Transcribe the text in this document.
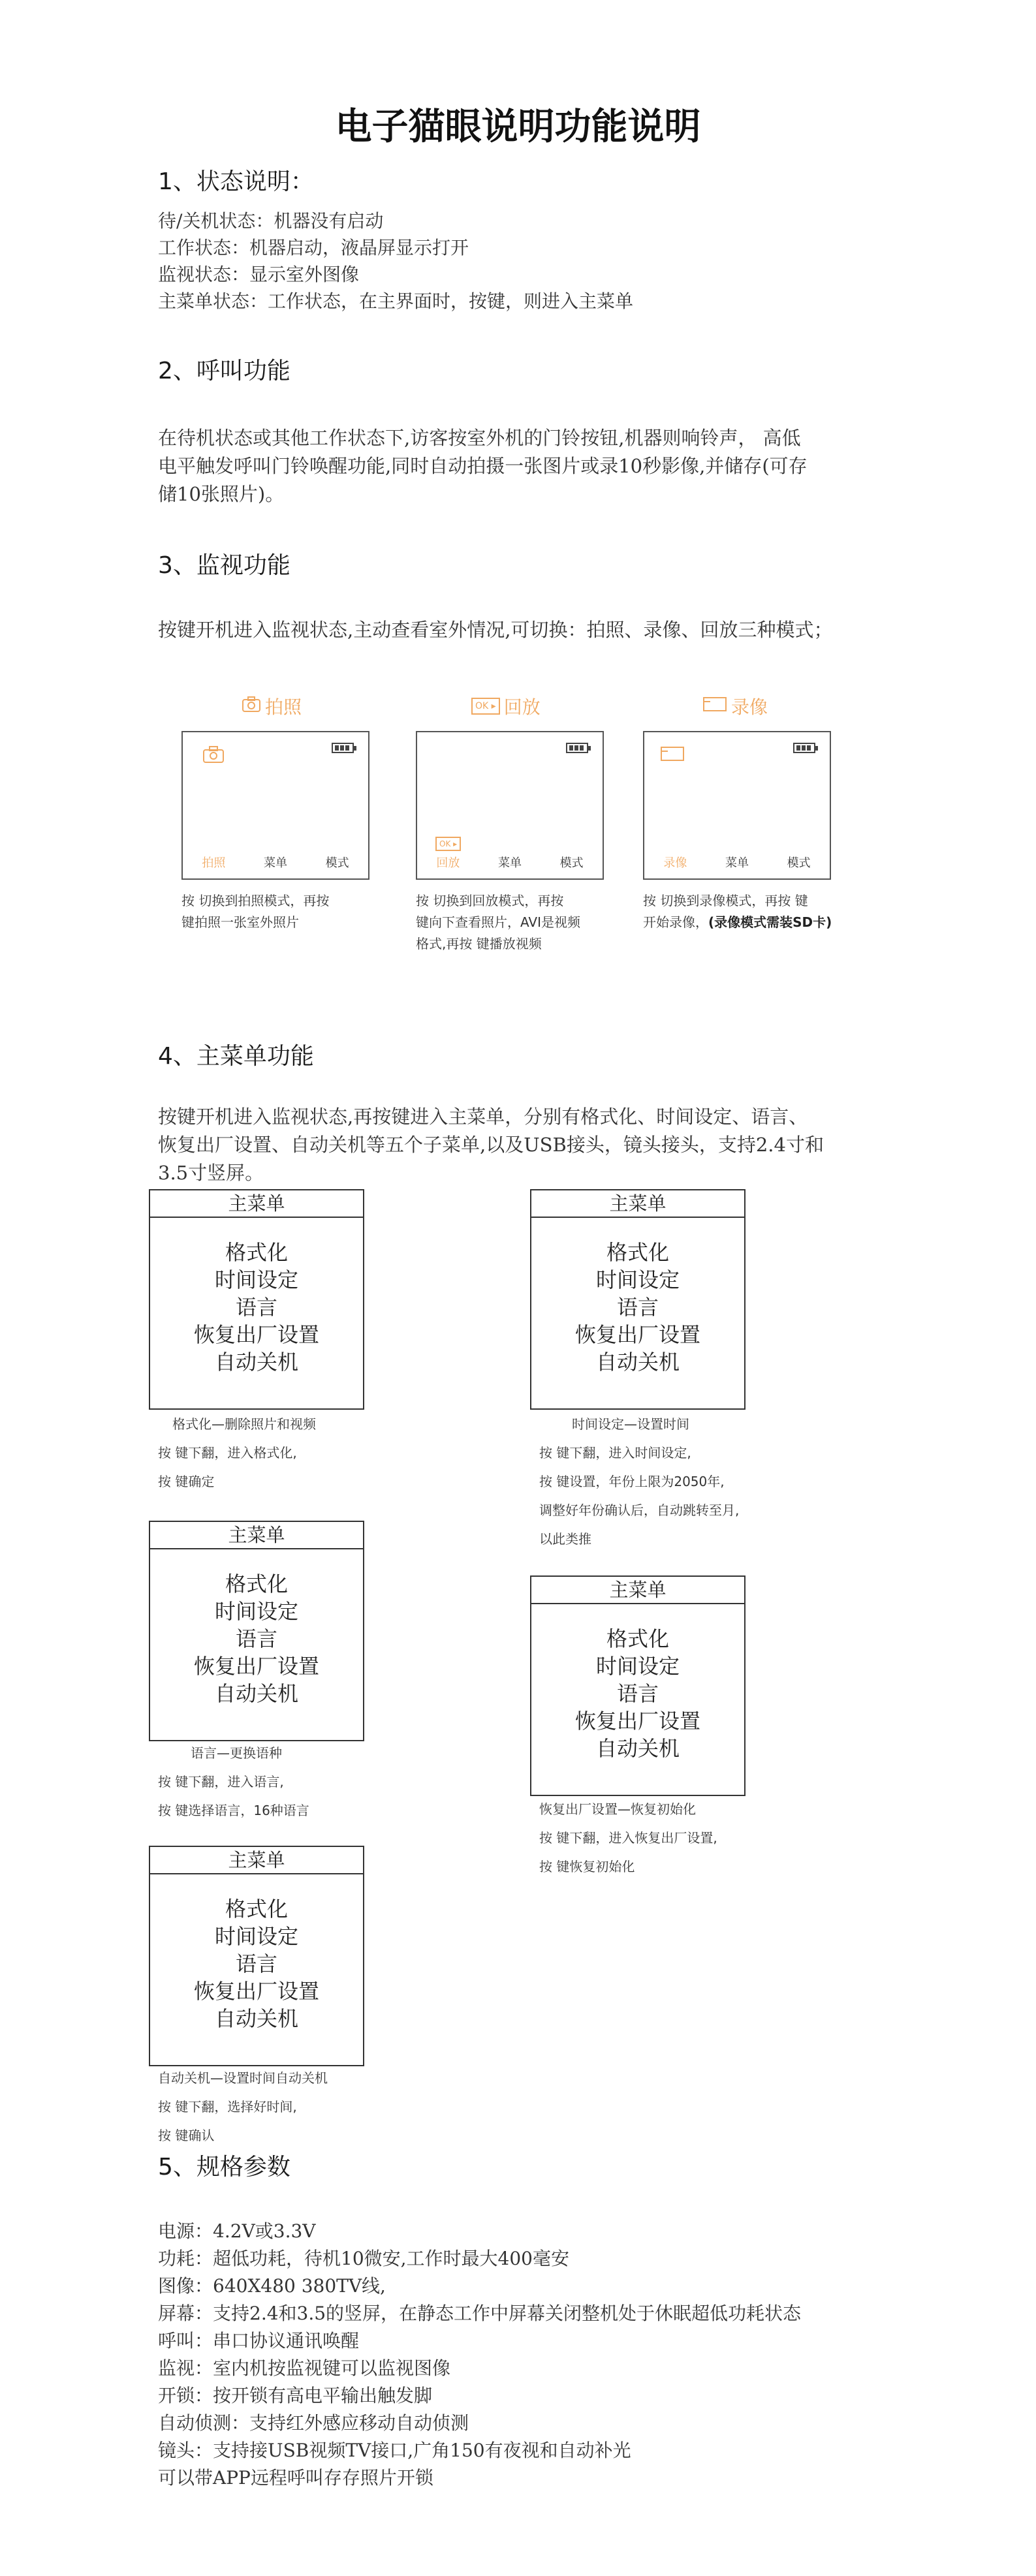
电子猫眼说明功能说明
1、状态说明：
待/关机状态：机器没有启动
工作状态：机器启动，液晶屏显示打开
监视状态：显示室外图像
主菜单状态：工作状态，在主界面时，按键，则进入主菜单
2、呼叫功能
在待机状态或其他工作状态下,访客按室外机的门铃按钮,机器则响铃声， 高低
电平触发呼叫门铃唤醒功能,同时自动拍摄一张图片或录10秒影像,并储存(可存
储10张照片)。
3、监视功能
按键开机进入监视状态,主动查看室外情况,可切换：拍照、录像、回放三种模式；
拍照
拍照	菜单	模式
按 切换到拍照模式，再按
键拍照一张室外照片
OK ▸ 回放
OK ▸
回放	菜单	模式
按 切换到回放模式，再按
键向下查看照片，AVI是视频
格式,再按 键播放视频
录像
录像	菜单	模式
按 切换到录像模式，再按 键
开始录像，(录像模式需装SD卡)
4、主菜单功能
按键开机进入监视状态,再按键进入主菜单，分别有格式化、时间设定、语言、
恢复出厂设置、自动关机等五个子菜单,以及USB接头，镜头接头，支持2.4寸和
3.5寸竖屏。
主菜单
格式化
时间设定
语言
恢复出厂设置
自动关机
格式化—删除照片和视频
按 键下翻，进入格式化,
按 键确定
主菜单
格式化
时间设定
语言
恢复出厂设置
自动关机
时间设定—设置时间
按 键下翻，进入时间设定,
按 键设置，年份上限为2050年,
调整好年份确认后，自动跳转至月,
以此类推
主菜单
格式化
时间设定
语言
恢复出厂设置
自动关机
语言—更换语种
按 键下翻，进入语言,
按 键选择语言，16种语言
主菜单
格式化
时间设定
语言
恢复出厂设置
自动关机
恢复出厂设置—恢复初始化
按 键下翻，进入恢复出厂设置,
按 键恢复初始化
主菜单
格式化
时间设定
语言
恢复出厂设置
自动关机
自动关机—设置时间自动关机
按 键下翻，选择好时间,
按 键确认
5、规格参数
电源：4.2V或3.3V
功耗：超低功耗，待机10微安,工作时最大400毫安
图像：640X480 380TV线,
屏幕：支持2.4和3.5的竖屏，在静态工作中屏幕关闭整机处于休眠超低功耗状态
呼叫：串口协议通讯唤醒
监视：室内机按监视键可以监视图像
开锁：按开锁有高电平输出触发脚
自动侦测：支持红外感应移动自动侦测
镜头：支持接USB视频TV接口,广角150有夜视和自动补光
可以带APP远程呼叫存存照片开锁
